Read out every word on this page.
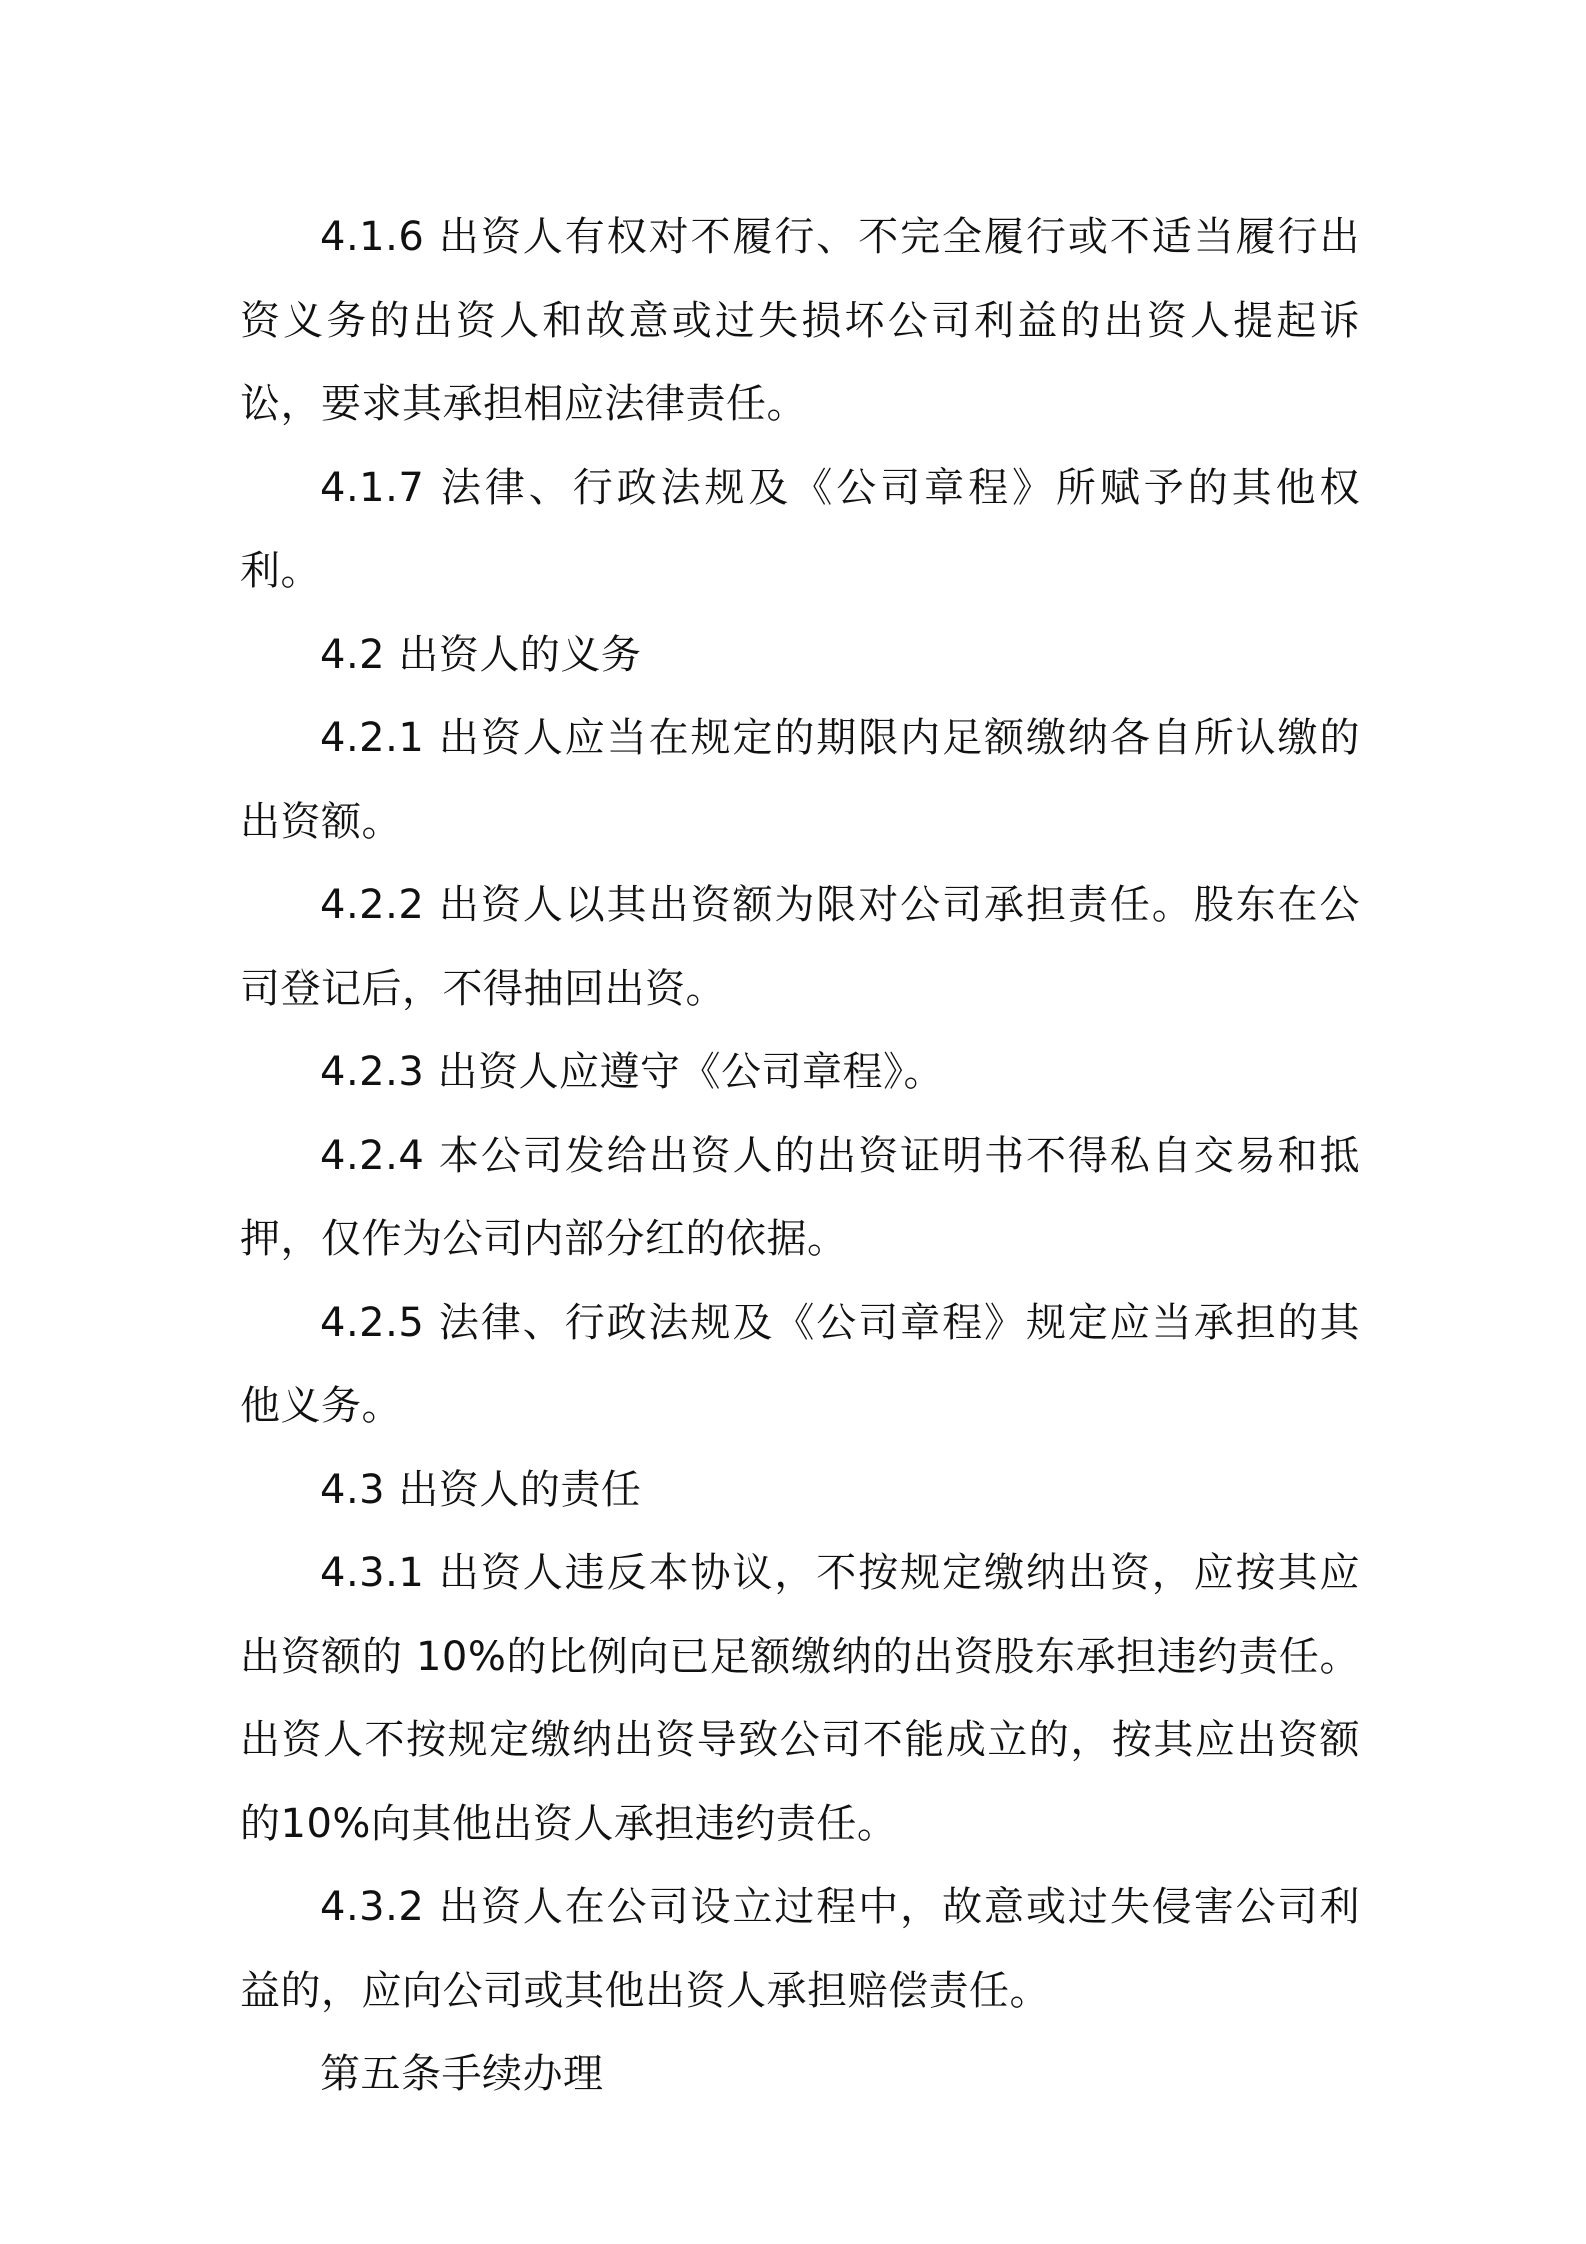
4.1.6 出资人有权对不履行、不完全履行或不适当履行出资义务的出资人和故意或过失损坏公司利益的出资人提起诉讼，要求其承担相应法律责任。

4.1.7 法律、行政法规及《公司章程》所赋予的其他权利。

4.2 出资人的义务

4.2.1 出资人应当在规定的期限内足额缴纳各自所认缴的出资额。

4.2.2 出资人以其出资额为限对公司承担责任。股东在公司登记后，不得抽回出资。

4.2.3 出资人应遵守《公司章程》。

4.2.4 本公司发给出资人的出资证明书不得私自交易和抵押，仅作为公司内部分红的依据。

4.2.5 法律、行政法规及《公司章程》规定应当承担的其他义务。

4.3 出资人的责任

4.3.1 出资人违反本协议，不按规定缴纳出资，应按其应出资额的 10%的比例向已足额缴纳的出资股东承担违约责任。出资人不按规定缴纳出资导致公司不能成立的，按其应出资额的10%向其他出资人承担违约责任。

4.3.2 出资人在公司设立过程中，故意或过失侵害公司利益的，应向公司或其他出资人承担赔偿责任。

第五条手续办理
